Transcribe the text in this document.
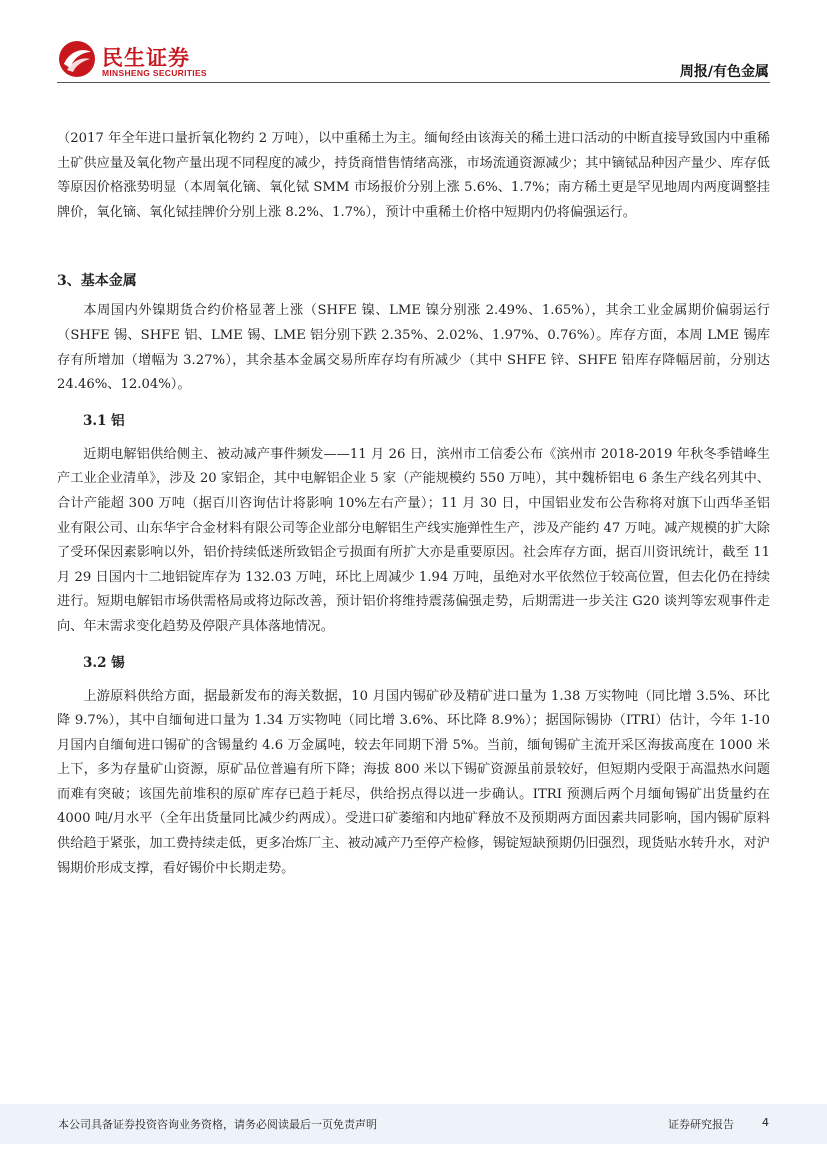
民生证券
MINSHENG SECURITIES	周报/有色金属

（2017 年全年进口量折氧化物约 2 万吨），以中重稀土为主。缅甸经由该海关的稀土进口活动的中断直接导致国内中重稀土矿供应量及氧化物产量出现不同程度的减少，持货商惜售情绪高涨，市场流通资源减少；其中镝铽品种因产量少、库存低等原因价格涨势明显（本周氧化镝、氧化铽 SMM 市场报价分别上涨 5.6%、1.7%；南方稀土更是罕见地周内两度调整挂牌价，氧化镝、氧化铽挂牌价分别上涨 8.2%、1.7%），预计中重稀土价格中短期内仍将偏强运行。

3、基本金属

本周国内外镍期货合约价格显著上涨（SHFE 镍、LME 镍分别涨 2.49%、1.65%），其余工业金属期价偏弱运行（SHFE 锡、SHFE 铝、LME 锡、LME 铝分别下跌 2.35%、2.02%、1.97%、0.76%）。库存方面，本周 LME 锡库存有所增加（增幅为 3.27%），其余基本金属交易所库存均有所减少（其中 SHFE 锌、SHFE 铅库存降幅居前，分别达 24.46%、12.04%）。

3.1 铝

近期电解铝供给侧主、被动减产事件频发——11 月 26 日，滨州市工信委公布《滨州市 2018-2019 年秋冬季错峰生产工业企业清单》，涉及 20 家铝企，其中电解铝企业 5 家（产能规模约 550 万吨），其中魏桥铝电 6 条生产线名列其中、合计产能超 300 万吨（据百川咨询估计将影响 10%左右产量）；11 月 30 日，中国铝业发布公告称将对旗下山西华圣铝业有限公司、山东华宇合金材料有限公司等企业部分电解铝生产线实施弹性生产，涉及产能约 47 万吨。减产规模的扩大除了受环保因素影响以外，铝价持续低迷所致铝企亏损面有所扩大亦是重要原因。社会库存方面，据百川资讯统计，截至 11 月 29 日国内十二地铝锭库存为 132.03 万吨，环比上周减少 1.94 万吨，虽绝对水平依然位于较高位置，但去化仍在持续进行。短期电解铝市场供需格局或将边际改善，预计铝价将维持震荡偏强走势，后期需进一步关注 G20 谈判等宏观事件走向、年末需求变化趋势及停限产具体落地情况。

3.2 锡

上游原料供给方面，据最新发布的海关数据，10 月国内锡矿砂及精矿进口量为 1.38 万实物吨（同比增 3.5%、环比降 9.7%），其中自缅甸进口量为 1.34 万实物吨（同比增 3.6%、环比降 8.9%）；据国际锡协（ITRI）估计，今年 1-10 月国内自缅甸进口锡矿的含锡量约 4.6 万金属吨，较去年同期下滑 5%。当前，缅甸锡矿主流开采区海拔高度在 1000 米上下，多为存量矿山资源，原矿品位普遍有所下降；海拔 800 米以下锡矿资源虽前景较好，但短期内受限于高温热水问题而难有突破；该国先前堆积的原矿库存已趋于耗尽，供给拐点得以进一步确认。ITRI 预测后两个月缅甸锡矿出货量约在 4000 吨/月水平（全年出货量同比减少约两成）。受进口矿萎缩和内地矿释放不及预期两方面因素共同影响，国内锡矿原料供给趋于紧张，加工费持续走低，更多冶炼厂主、被动减产乃至停产检修，锡锭短缺预期仍旧强烈，现货贴水转升水，对沪锡期价形成支撑，看好锡价中长期走势。

本公司具备证券投资咨询业务资格，请务必阅读最后一页免责声明	证券研究报告	4
